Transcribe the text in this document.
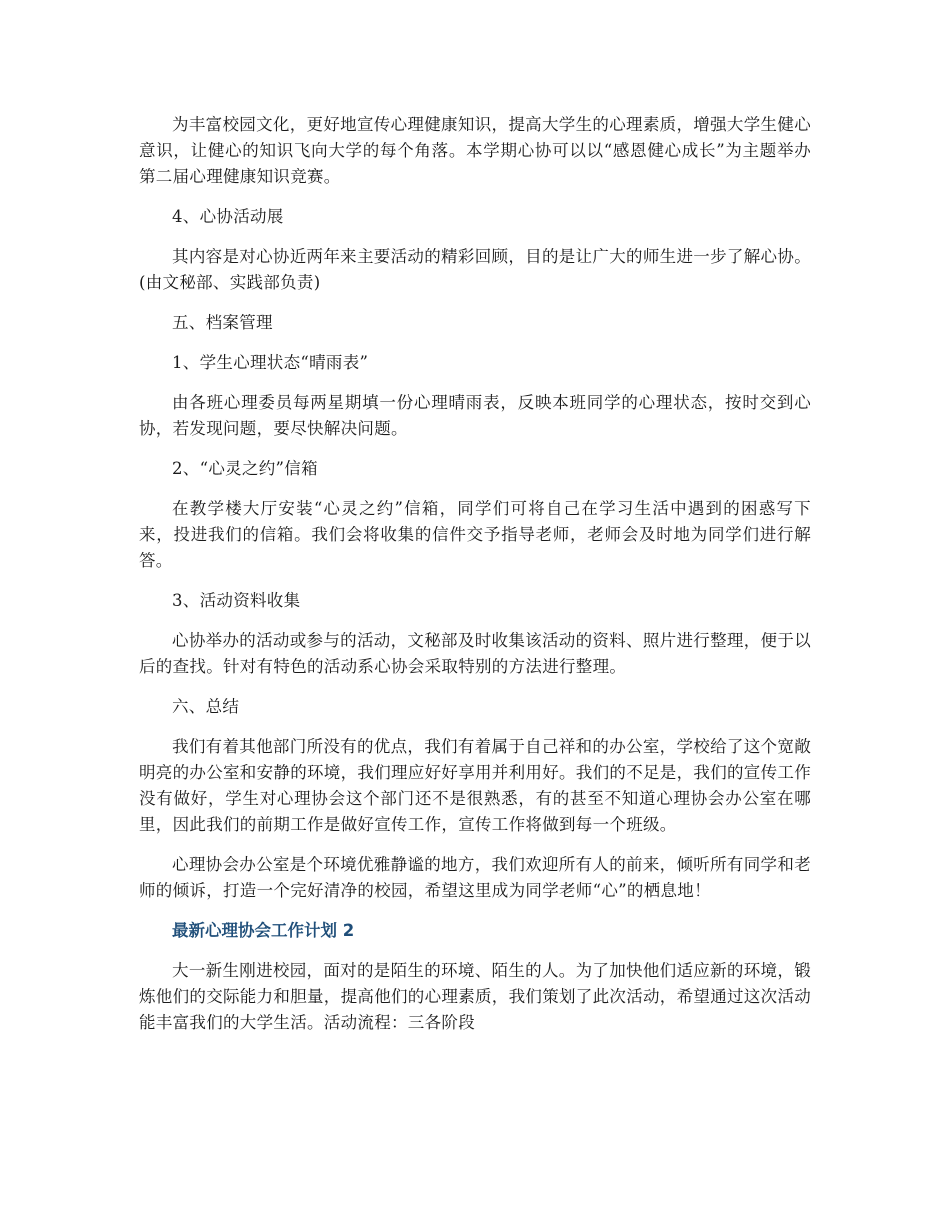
为丰富校园文化，更好地宣传心理健康知识，提高大学生的心理素质，增强大学生健心意识，让健心的知识飞向大学的每个角落。本学期心协可以以“感恩健心成长”为主题举办第二届心理健康知识竞赛。

4、心协活动展

其内容是对心协近两年来主要活动的精彩回顾，目的是让广大的师生进一步了解心协。(由文秘部、实践部负责)

五、档案管理

1、学生心理状态“晴雨表”

由各班心理委员每两星期填一份心理晴雨表，反映本班同学的心理状态，按时交到心协，若发现问题，要尽快解决问题。

2、“心灵之约”信箱

在教学楼大厅安装“心灵之约”信箱，同学们可将自己在学习生活中遇到的困惑写下来，投进我们的信箱。我们会将收集的信件交予指导老师，老师会及时地为同学们进行解答。

3、活动资料收集

心协举办的活动或参与的活动，文秘部及时收集该活动的资料、照片进行整理，便于以后的查找。针对有特色的活动系心协会采取特别的方法进行整理。

六、总结

我们有着其他部门所没有的优点，我们有着属于自己祥和的办公室，学校给了这个宽敞明亮的办公室和安静的环境，我们理应好好享用并利用好。我们的不足是，我们的宣传工作没有做好，学生对心理协会这个部门还不是很熟悉，有的甚至不知道心理协会办公室在哪里，因此我们的前期工作是做好宣传工作，宣传工作将做到每一个班级。

心理协会办公室是个环境优雅静谧的地方，我们欢迎所有人的前来，倾听所有同学和老师的倾诉，打造一个完好清净的校园，希望这里成为同学老师“心”的栖息地！

最新心理协会工作计划 2

大一新生刚进校园，面对的是陌生的环境、陌生的人。为了加快他们适应新的环境，锻炼他们的交际能力和胆量，提高他们的心理素质，我们策划了此次活动，希望通过这次活动能丰富我们的大学生活。活动流程：三各阶段
